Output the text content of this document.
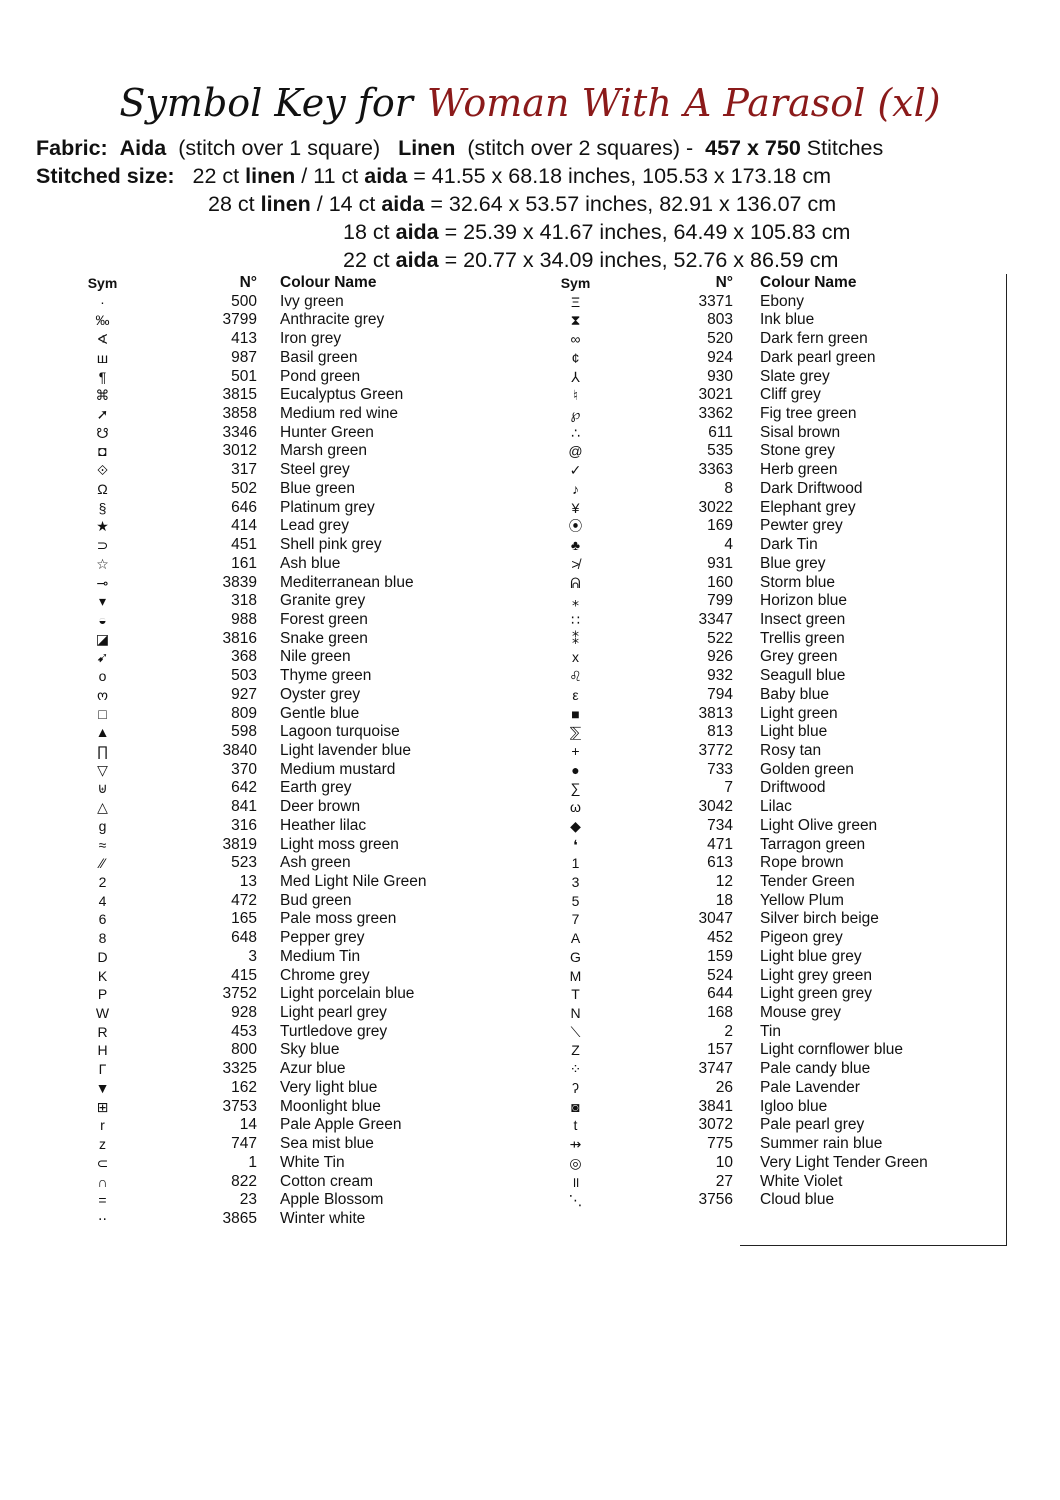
Symbol Key for Woman With A Parasol (xl)
Fabric: Aida (stitch over 1 square) Linen (stitch over 2 squares) - 457 x 750 Stitches
Stitched size: 22 ct linen / 11 ct aida = 41.55 x 68.18 inches, 105.53 x 173.18 cm
28 ct linen / 14 ct aida = 32.64 x 53.57 inches, 82.91 x 136.07 cm
18 ct aida = 25.39 x 41.67 inches, 64.49 x 105.83 cm
22 ct aida = 20.77 x 34.09 inches, 52.76 x 86.59 cm
Sym	N° Colour Name
·	500 Ivy green
‰	3799 Anthracite grey
∢	413 Iron grey
ш	987 Basil green
¶	501 Pond green
⌘	3815 Eucalyptus Green
➚	3858 Medium red wine
☋	3346 Hunter Green
◘	3012 Marsh green
⟐	317 Steel grey
Ω	502 Blue green
§	646 Platinum grey
★	414 Lead grey
⊃	451 Shell pink grey
☆	161 Ash blue
⊸	3839 Mediterranean blue
▾	318 Granite grey
◒	988 Forest green
◪	3816 Snake green
➹	368 Nile green
o	503 Thyme green
ო	927 Oyster grey
□	809 Gentle blue
▲	598 Lagoon turquoise
∏	3840 Light lavender blue
▽	370 Medium mustard
⊎	642 Earth grey
△	841 Deer brown
g	316 Heather lilac
≈	3819 Light moss green
⁄⁄	523 Ash green
2	13 Med Light Nile Green
4	472 Bud green
6	165 Pale moss green
8	648 Pepper grey
D	3 Medium Tin
K	415 Chrome grey
P	3752 Light porcelain blue
W	928 Light pearl grey
R	453 Turtledove grey
H	800 Sky blue
Γ	3325 Azur blue
▼	162 Very light blue
⊞	3753 Moonlight blue
r	14 Pale Apple Green
z	747 Sea mist blue
⊂	1 White Tin
∩	822 Cotton cream
=	23 Apple Blossom
⋅⋅	3865 Winter white
Sym	N° Colour Name
Ξ	3371 Ebony
⧗	803 Ink blue
∞	520 Dark fern green
¢	924 Dark pearl green
⅄	930 Slate grey
♮	3021 Cliff grey
℘	3362 Fig tree green
∴	611 Sisal brown
@	535 Stone grey
✓	3363 Herb green
♪	8 Dark Driftwood
¥	3022 Elephant grey
⦿	169 Pewter grey
♣	4 Dark Tin
≯	931 Blue grey
ᕱ	160 Storm blue
⁎	799 Horizon blue
∷	3347 Insect green
⁑	522 Trellis green
x	926 Grey green
♌	932 Seagull blue
ε	794 Baby blue
■	3813 Light green
⅀	813 Light blue
+	3772 Rosy tan
●	733 Golden green
∑	7 Driftwood
ω	3042 Lilac
◆	734 Light Olive green
❛	471 Tarragon green
1	613 Rope brown
3	12 Tender Green
5	18 Yellow Plum
7	3047 Silver birch beige
A	452 Pigeon grey
G	159 Light blue grey
M	524 Light grey green
T	644 Light green grey
N	168 Mouse grey
⟍	2 Tin
Z	157 Light cornflower blue
⁘	3747 Pale candy blue
ʔ	26 Pale Lavender
◙	3841 Igloo blue
t	3072 Pale pearl grey
⇸	775 Summer rain blue
◎	10 Very Light Tender Green
॥	27 White Violet
⋱	3756 Cloud blue
